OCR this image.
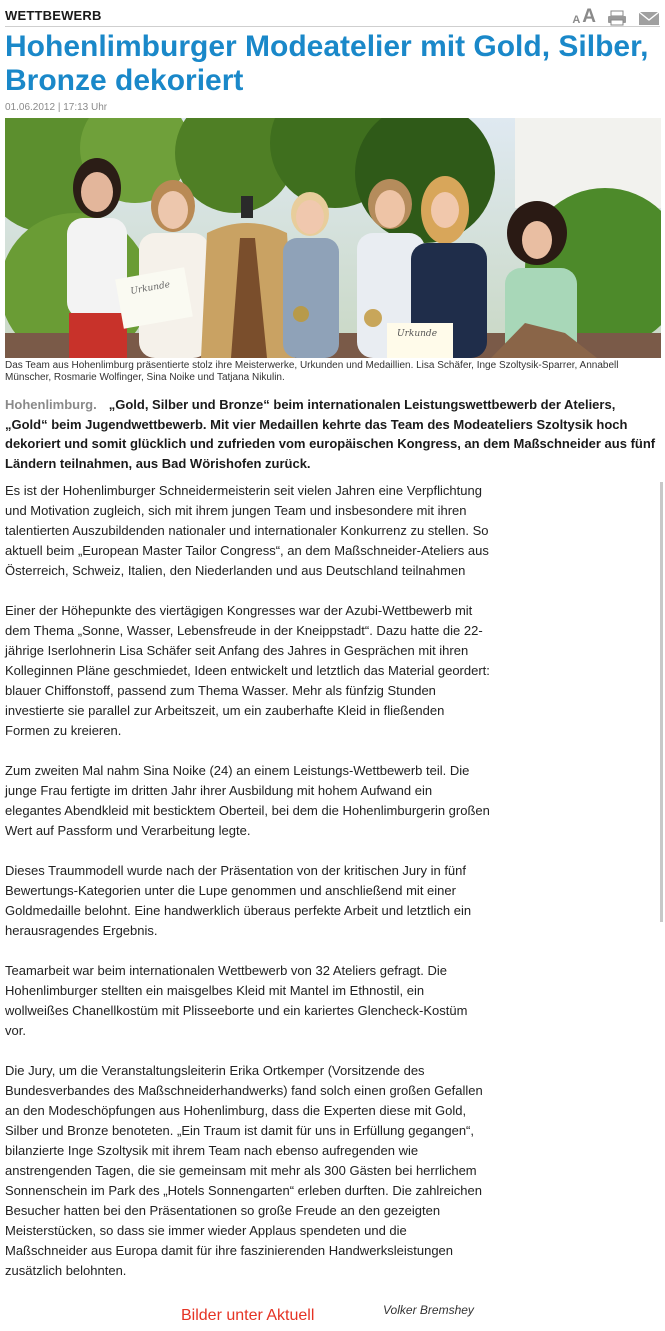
WETTBEWERB	A A
Hohenlimburger Modeatelier mit Gold, Silber, Bronze dekoriert
01.06.2012 | 17:13 Uhr
Urkunde
Urkunde
Das Team aus Hohenlimburg präsentierte stolz ihre Meisterwerke, Urkunden und Medaillien. Lisa Schäfer, Inge Szoltysik-Sparrer, Annabell Münscher, Rosmarie Wolfinger, Sina Noike und Tatjana Nikulin.
Hohenlimburg. „Gold, Silber und Bronze“ beim internationalen Leistungswettbewerb der Ateliers, „Gold“ beim Jugendwettbewerb. Mit vier Medaillen kehrte das Team des Modeateliers Szoltysik hoch dekoriert und somit glücklich und zufrieden vom europäischen Kongress, an dem Maßschneider aus fünf Ländern teilnahmen, aus Bad Wörishofen zurück.

Es ist der Hohenlimburger Schneidermeisterin seit vielen Jahren eine Verpflichtung und Motivation zugleich, sich mit ihrem jungen Team und insbesondere mit ihren talentierten Auszubildenden nationaler und internationaler Konkurrenz zu stellen. So aktuell beim „European Master Tailor Congress“, an dem Maßschneider-Ateliers aus Österreich, Schweiz, Italien, den Niederlanden und aus Deutschland teilnahmen

Einer der Höhepunkte des viertägigen Kongresses war der Azubi-Wettbewerb mit dem Thema „Sonne, Wasser, Lebensfreude in der Kneippstadt“. Dazu hatte die 22-jährige Iserlohnerin Lisa Schäfer seit Anfang des Jahres in Gesprächen mit ihren Kolleginnen Pläne geschmiedet, Ideen entwickelt und letztlich das Material geordert: blauer Chiffonstoff, passend zum Thema Wasser. Mehr als fünfzig Stunden investierte sie parallel zur Arbeitszeit, um ein zauberhafte Kleid in fließenden Formen zu kreieren.

Zum zweiten Mal nahm Sina Noike (24) an einem Leistungs-Wettbewerb teil. Die junge Frau fertigte im dritten Jahr ihrer Ausbildung mit hohem Aufwand ein elegantes Abendkleid mit besticktem Oberteil, bei dem die Hohenlimburgerin großen Wert auf Passform und Verarbeitung legte.

Dieses Traummodell wurde nach der Präsentation von der kritischen Jury in fünf Bewertungs-Kategorien unter die Lupe genommen und anschließend mit einer Goldmedaille belohnt. Eine handwerklich überaus perfekte Arbeit und letztlich ein herausragendes Ergebnis.

Teamarbeit war beim internationalen Wettbewerb von 32 Ateliers gefragt. Die Hohenlimburger stellten ein maisgelbes Kleid mit Mantel im Ethnostil, ein wollweißes Chanellkostüm mit Plisseeborte und ein kariertes Glencheck-Kostüm vor.

Die Jury, um die Veranstaltungsleiterin Erika Ortkemper (Vorsitzende des Bundesverbandes des Maßschneiderhandwerks) fand solch einen großen Gefallen an den Modeschöpfungen aus Hohenlimburg, dass die Experten diese mit Gold, Silber und Bronze benoteten. „Ein Traum ist damit für uns in Erfüllung gegangen“, bilanzierte Inge Szoltysik mit ihrem Team nach ebenso aufregenden wie anstrengenden Tagen, die sie gemeinsam mit mehr als 300 Gästen bei herrlichem Sonnenschein im Park des „Hotels Sonnengarten“ erleben durften. Die zahlreichen Besucher hatten bei den Präsentationen so große Freude an den gezeigten Meisterstücken, so dass sie immer wieder Applaus spendeten und die Maßschneider aus Europa damit für ihre faszinierenden Handwerksleistungen zusätzlich belohnten.

Bilder unter Aktuell	Volker Bremshey
